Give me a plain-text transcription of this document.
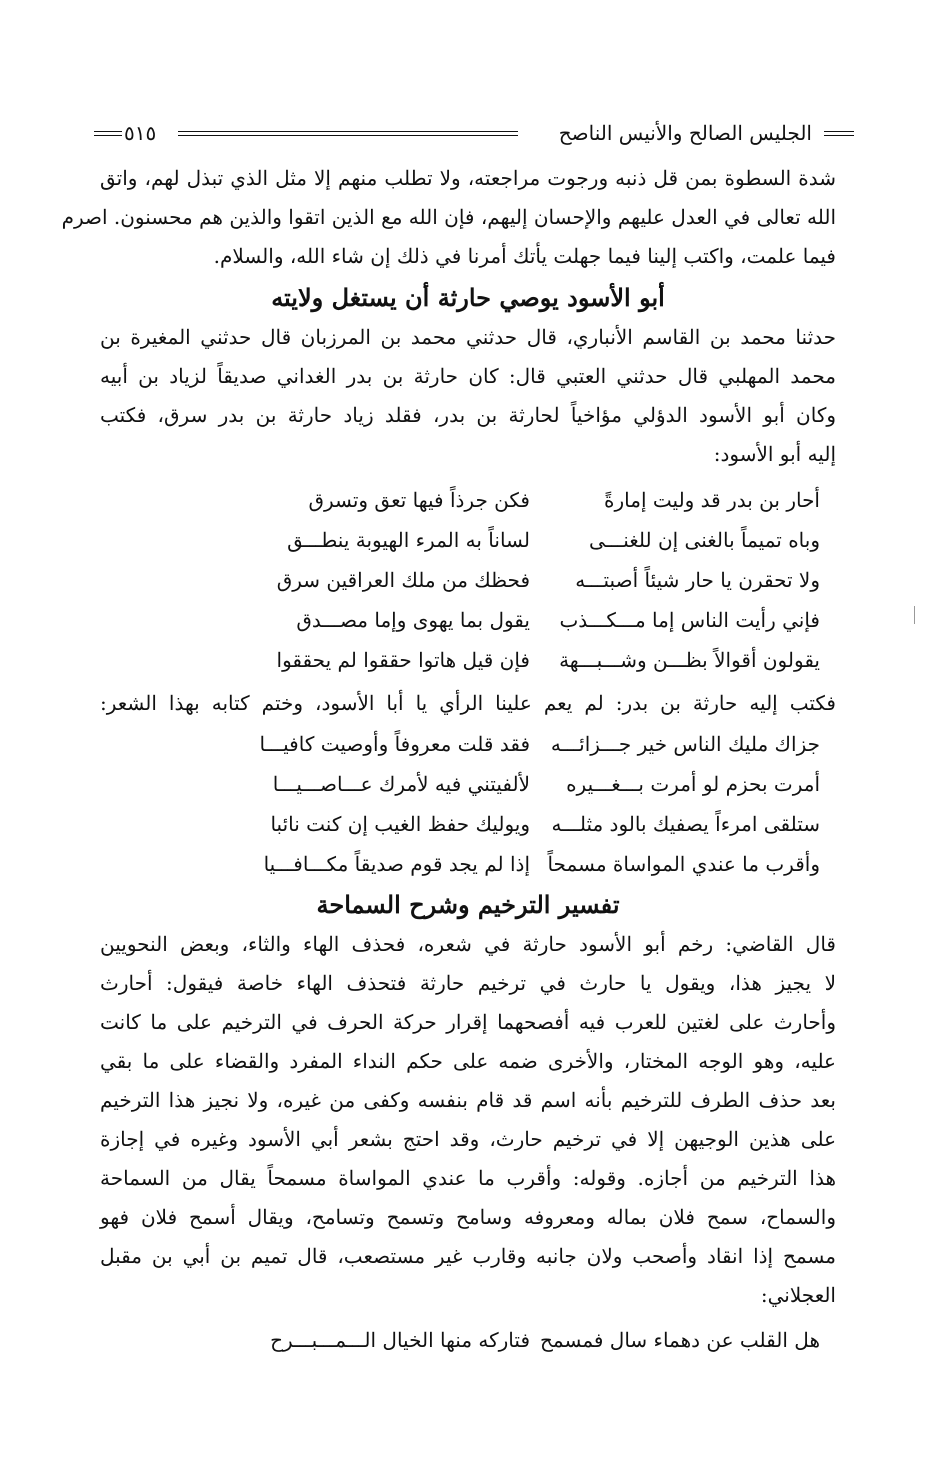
الجليس الصالح والأنيس الناصح
٥١٥
شدة السطوة بمن قل ذنبه ورجوت مراجعته، ولا تطلب منهم إلا مثل الذي تبذل لهم، واتق
الله تعالى في العدل عليهم والإحسان إليهم، فإن الله مع الذين اتقوا والذين هم محسنون. اصرم
فيما علمت، واكتب إلينا فيما جهلت يأتك أمرنا في ذلك إن شاء الله، والسلام.
أبو الأسود يوصي حارثة أن يستغل ولايته
حدثنا محمد بن القاسم الأنباري، قال حدثني محمد بن المرزبان قال حدثني المغيرة بن
محمد المهلبي قال حدثني العتبي قال: كان حارثة بن بدر الغداني صديقاً لزياد بن أبيه
وكان أبو الأسود الدؤلي مؤاخياً لحارثة بن بدر، فقلد زياد حارثة بن بدر سرق، فكتب
إليه أبو الأسود:
أحار بن بدر قد وليت إمارةً
فكن جرذاً فيها تعق وتسرق
وباه تميماً بالغنى إن للغنـــى
لساناً به المرء الهيوبة ينطـــق
ولا تحقرن يا حار شيئاً أصبتـــه
فحظك من ملك العراقين سرق
فإني رأيت الناس إما مـــكـــذب
يقول بما يهوى وإما مصـــدق
يقولون أقوالاً بظـــن وشـــبـــهة
فإن قيل هاتوا حققوا لم يحققوا
فكتب إليه حارثة بن بدر: لم يعم علينا الرأي يا أبا الأسود، وختم كتابه بهذا الشعر:
جزاك مليك الناس خير جـــزائـــه
فقد قلت معروفاً وأوصيت كافيـــا
أمرت بحزم لو أمرت بـــغـــيره
لألفيتني فيه لأمرك عـــاصـــيـــا
ستلقى امرءاً يصفيك بالود مثلـــه
ويوليك حفظ الغيب إن كنت نائبا
وأقرب ما عندي المواساة مسمحاً
إذا لم يجد قوم صديقاً مكـــافـــيا
تفسير الترخيم وشرح السماحة
قال القاضي: رخم أبو الأسود حارثة في شعره، فحذف الهاء والثاء، وبعض النحويين
لا يجيز هذا، ويقول يا حارث في ترخيم حارثة فتحذف الهاء خاصة فيقول: أحارث
وأحارث على لغتين للعرب فيه أفصحهما إقرار حركة الحرف في الترخيم على ما كانت
عليه، وهو الوجه المختار، والأخرى ضمه على حكم النداء المفرد والقضاء على ما بقي
بعد حذف الطرف للترخيم بأنه اسم قد قام بنفسه وكفى من غيره، ولا نجيز هذا الترخيم
على هذين الوجيهن إلا في ترخيم حارث، وقد احتج بشعر أبي الأسود وغيره في إجازة
هذا الترخيم من أجازه. وقوله: وأقرب ما عندي المواساة مسمحاً يقال من السماحة
والسماح، سمح فلان بماله ومعروفه وسامح وتسمح وتسامح، ويقال أسمح فلان فهو
مسمح إذا انقاد وأصحب ولان جانبه وقارب غير مستصعب، قال تميم بن أبي بن مقبل
العجلاني:
هل القلب عن دهماء سال فمسمح
فتاركه منها الخيال الـــمـــبـــرح
